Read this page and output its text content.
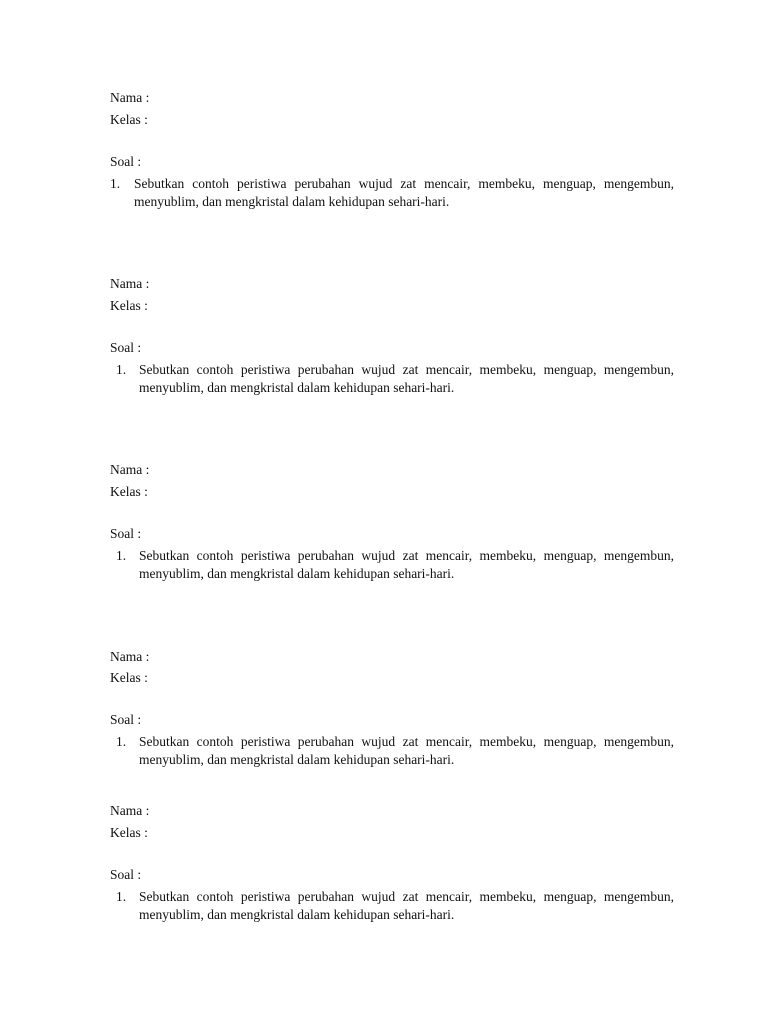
Nama :
Kelas :
Soal :
1. Sebutkan contoh peristiwa perubahan wujud zat mencair, membeku, menguap, mengembun,
menyublim, dan mengkristal dalam kehidupan sehari-hari.
Nama :
Kelas :
Soal :
1. Sebutkan contoh peristiwa perubahan wujud zat mencair, membeku, menguap, mengembun,
menyublim, dan mengkristal dalam kehidupan sehari-hari.
Nama :
Kelas :
Soal :
1. Sebutkan contoh peristiwa perubahan wujud zat mencair, membeku, menguap, mengembun,
menyublim, dan mengkristal dalam kehidupan sehari-hari.
Nama :
Kelas :
Soal :
1. Sebutkan contoh peristiwa perubahan wujud zat mencair, membeku, menguap, mengembun,
menyublim, dan mengkristal dalam kehidupan sehari-hari.
Nama :
Kelas :
Soal :
1. Sebutkan contoh peristiwa perubahan wujud zat mencair, membeku, menguap, mengembun,
menyublim, dan mengkristal dalam kehidupan sehari-hari.
